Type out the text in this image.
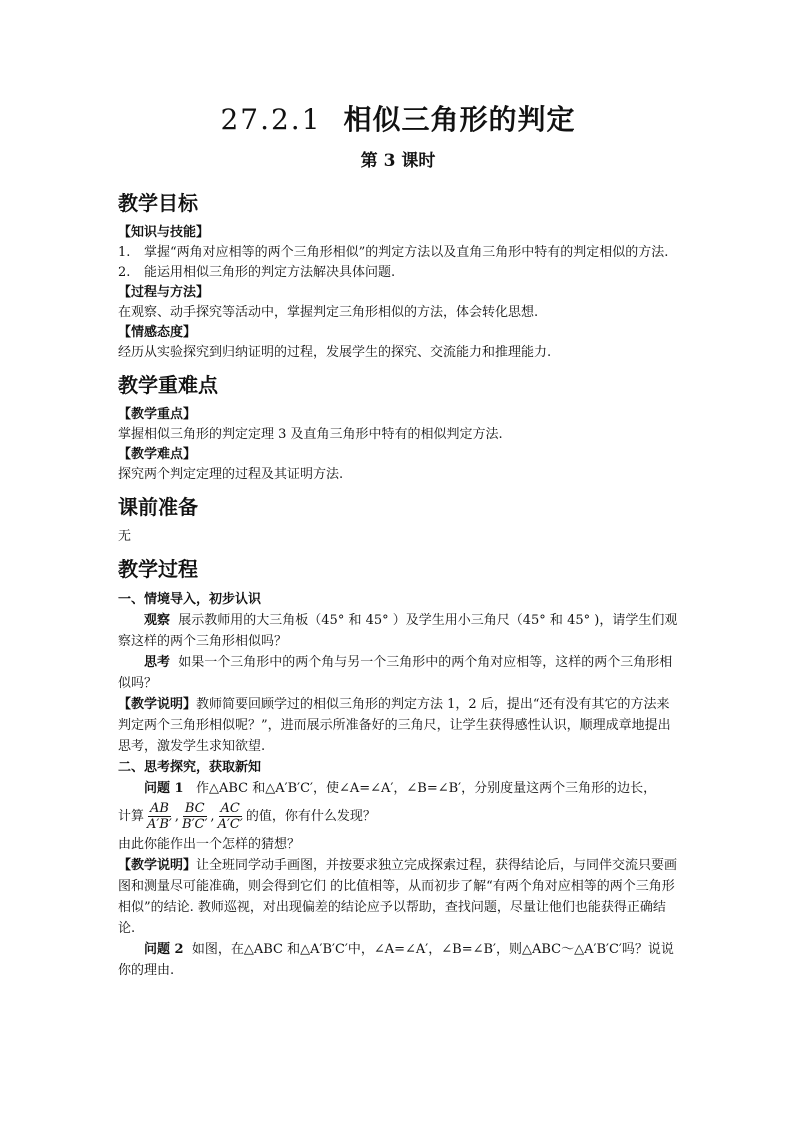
27.2.1 相似三角形的判定
第 3 课时
教学目标

【知识与技能】

1.	掌握“两角对应相等的两个三角形相似”的判定方法以及直角三角形中特有的判定相似的方法.
2.	能运用相似三角形的判定方法解决具体问题.

【过程与方法】

在观察、动手探究等活动中，掌握判定三角形相似的方法，体会转化思想.

【情感态度】

经历从实验探究到归纳证明的过程，发展学生的探究、交流能力和推理能力.

教学重难点

【教学重点】

掌握相似三角形的判定定理 3 及直角三角形中特有的相似判定方法.

【教学难点】

探究两个判定定理的过程及其证明方法.

课前准备

无

教学过程

一、情境导入，初步认识

观察 展示教师用的大三角板（45° 和 45° ）及学生用小三角尺（45° 和 45° )，请学生们观察这样的两个三角形相似吗？

思考 如果一个三角形中的两个角与另一个三角形中的两个角对应相等，这样的两个三角形相似吗？

【教学说明】教师简要回顾学过的相似三角形的判定方法 1，2 后，提出“还有没有其它的方法来判定两个三角形相似呢？”，进而展示所准备好的三角尺，让学生获得感性认识，顺理成章地提出思考，激发学生求知欲望.

二、思考探究，获取新知

问题 1 作△ABC 和△A′B′C′，使∠A=∠A′，∠B=∠B′，分别度量这两个三角形的边长，

计算 $\frac{AB}{A'B'}$ , $\frac{BC}{B'C'}$ , $\frac{AC}{A'C'}$ 的值，你有什么发现？

由此你能作出一个怎样的猜想？

【教学说明】让全班同学动手画图，并按要求独立完成探索过程，获得结论后，与同伴交流只要画图和测量尽可能准确，则会得到它们 的比值相等，从而初步了解“有两个角对应相等的两个三角形相似”的结论. 教师巡视，对出现偏差的结论应予以帮助，查找问题，尽量让他们也能获得正确结论.

问题 2 如图，在△ABC 和△A′B′C′中，∠A=∠A′，∠B=∠B′，则△ABC～△A′B′C′吗？说说你的理由.
